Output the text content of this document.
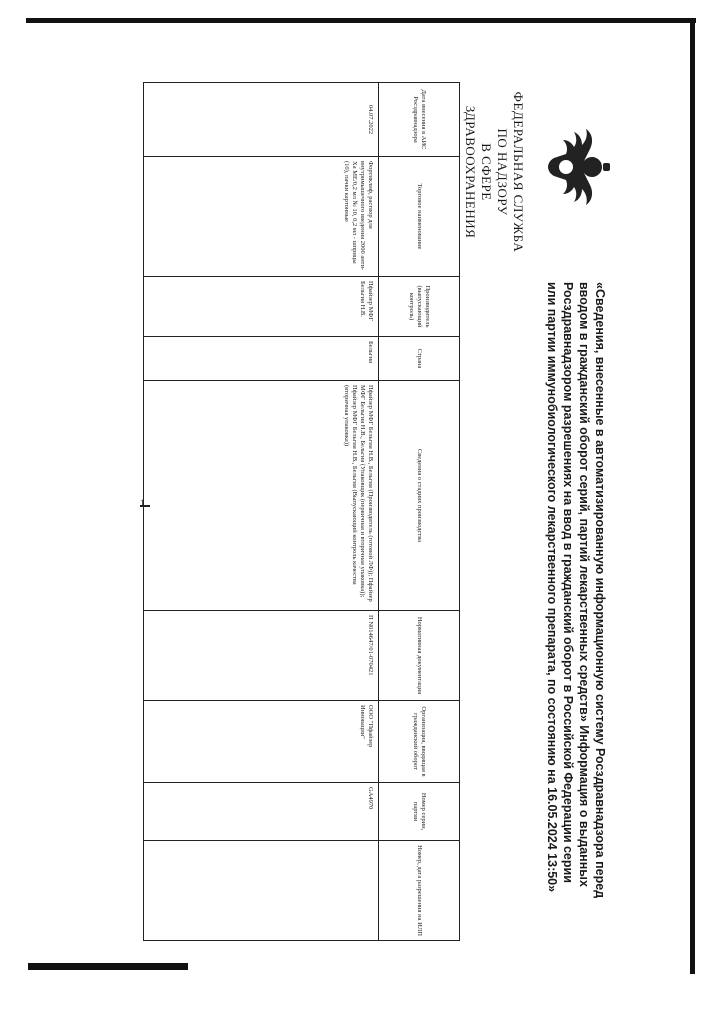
ФЕДЕРАЛЬНАЯ СЛУЖБА ПО НАДЗОРУ
В СФЕРЕ ЗДРАВООХРАНЕНИЯ
«Сведения, внесенные в автоматизированную информационную систему Росздравнадзора перед вводом в гражданский оборот серий, партий лекарственных средств» Информация о выданных Росздравнадзором разрешениях на ввод в гражданский оборот в Российской Федерации серии или партии иммунобиологического лекарственного препарата, по состоянию на 16.05.2024 13:50»
Дата внесения в АИС Росздравнадзора	Торговое наименование	Производитель (выпускающий контроль)	Страна	Сведения о стадиях производства	Нормативная документация	Организация, вводящая в гражданский оборот	Номер серии, партии	Номер, дата разрешения на ИЛП
04.07.2022	Фортиклиф, раствор для внутримышечного введения 2000 анти-Ха МЕ/0,2 мл № 10, 0,2 мл - шприцы (10), пачки картонные	Пфайзер МФГ Бельгия Н.В.	Бельгия	Пфайзер МФГ Бельгия Н.В., Бельгия (Производитель (готовой ЛФ)); Пфайзер МФГ Бельгия Н.В., Бельгия (Упаковщик (первичная и вторичная упаковка)); Пфайзер МФГ Бельгия Н.В., Бельгия (Выпускающий контроль качества (вторичная упаковка))	П N014647/01-070421	ООО "Пфайзер Инновации"	GA4970	
1
